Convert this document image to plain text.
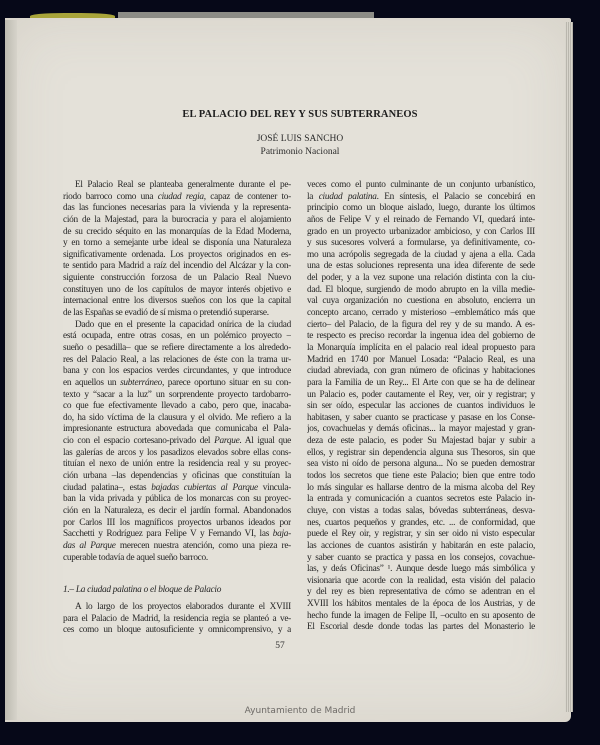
EL PALACIO DEL REY Y SUS SUBTERRANEOS
JOSÉ LUIS SANCHO
Patrimonio Nacional
El Palacio Real se planteaba generalmente durante el pe-
riodo barroco como una ciudad regia, capaz de contener to-
das las funciones necesarias para la vivienda y la representa-
ción de la Majestad, para la burocracia y para el alojamiento
de su crecido séquito en las monarquías de la Edad Moderna,
y en torno a semejante urbe ideal se disponía una Naturaleza
significativamente ordenada. Los proyectos originados en es-
te sentido para Madrid a raíz del incendio del Alcázar y la con-
siguiente construcción forzosa de un Palacio Real Nuevo
constituyen uno de los capítulos de mayor interés objetivo e
internacional entre los diversos sueños con los que la capital
de las Españas se evadió de sí misma o pretendió superarse.
Dado que en el presente la capacidad onírica de la ciudad
está ocupada, entre otras cosas, en un polémico proyecto –
sueño o pesadilla– que se refiere directamente a los alrededo-
res del Palacio Real, a las relaciones de éste con la trama ur-
bana y con los espacios verdes circundantes, y que introduce
en aquellos un subterráneo, parece oportuno situar en su con-
texto y “sacar a la luz” un sorprendente proyecto tardobarro-
co que fue efectivamente llevado a cabo, pero que, inacaba-
do, ha sido víctima de la clausura y el olvido. Me refiero a la
impresionante estructura abovedada que comunicaba el Pala-
cio con el espacio cortesano-privado del Parque. Al igual que
las galerías de arcos y los pasadizos elevados sobre ellas cons-
tituían el nexo de unión entre la residencia real y su proyec-
ción urbana –las dependencias y oficinas que constituían la
ciudad palatina–, estas bajadas cubiertas al Parque vincula-
ban la vida privada y pública de los monarcas con su proyec-
ción en la Naturaleza, es decir el jardín formal. Abandonados
por Carlos III los magníficos proyectos urbanos ideados por
Sacchetti y Rodríguez para Felipe V y Fernando VI, las baja-
das al Parque merecen nuestra atención, como una pieza re-
cuperable todavía de aquel sueño barroco.
1.– La ciudad palatina o el bloque de Palacio
A lo largo de los proyectos elaborados durante el XVIII
para el Palacio de Madrid, la residencia regia se planteó a ve-
ces como un bloque autosuficiente y omnicomprensivo, y a
veces como el punto culminante de un conjunto urbanístico,
la ciudad palatina. En síntesis, el Palacio se concebirá en
principio como un bloque aislado, luego, durante los últimos
años de Felipe V y el reinado de Fernando VI, quedará inte-
grado en un proyecto urbanizador ambicioso, y con Carlos III
y sus sucesores volverá a formularse, ya definitivamente, co-
mo una acrópolis segregada de la ciudad y ajena a ella. Cada
una de estas soluciones representa una idea diferente de sede
del poder, y a la vez supone una relación distinta con la ciu-
dad. El bloque, surgiendo de modo abrupto en la villa medie-
val cuya organización no cuestiona en absoluto, encierra un
concepto arcano, cerrado y misterioso –emblemático más que
cierto– del Palacio, de la figura del rey y de su mando. A es-
te respecto es preciso recordar la ingenua idea del gobierno de
la Monarquía implícita en el palacio real ideal propuesto para
Madrid en 1740 por Manuel Losada: “Palacio Real, es una
ciudad abreviada, con gran número de oficinas y habitaciones
para la Familia de un Rey... El Arte con que se ha de delinear
un Palacio es, poder cautamente el Rey, ver, oir y registrar; y
sin ser oído, especular las acciones de cuantos individuos le
habitasen, y saber cuanto se practicase y pasase en los Conse-
jos, covachuelas y demás oficinas... la mayor majestad y gran-
deza de este palacio, es poder Su Majestad bajar y subir a
ellos, y registrar sin dependencia alguna sus Thesoros, sin que
sea visto ni oído de persona alguna... No se pueden demostrar
todos los secretos que tiene este Palacio; bien que entre todo
lo más singular es hallarse dentro de la misma alcoba del Rey
la entrada y comunicación a cuantos secretos este Palacio in-
cluye, con vistas a todas salas, bóvedas subterráneas, desva-
nes, cuartos pequeños y grandes, etc. ... de conformidad, que
puede el Rey oir, y registrar, y sin ser oido ni visto especular
las acciones de cuantos asistirán y habitarán en este palacio,
y saber cuanto se practica y passa en los consejos, covachue-
las, y deás Oficinas” ¹. Aunque desde luego más simbólica y
visionaria que acorde con la realidad, esta visión del palacio
y del rey es bien representativa de cómo se adentran en el
XVIII los hábitos mentales de la época de los Austrias, y de
hecho funde la imagen de Felipe II, –oculto en su aposento de
El Escorial desde donde todas las partes del Monasterio le
57
Ayuntamiento de Madrid
